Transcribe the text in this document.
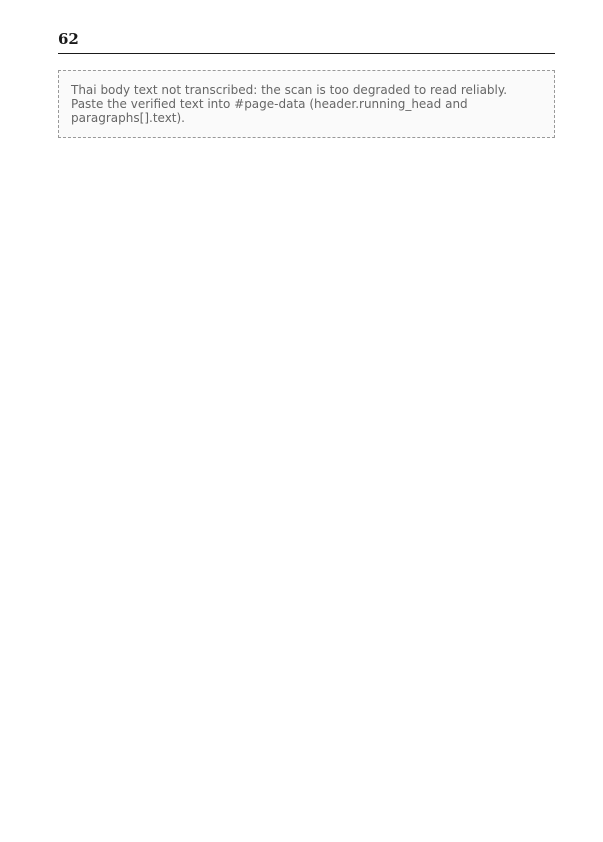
62
Thai body text not transcribed: the scan is too degraded to read reliably. Paste the verified text into #page-data (header.running_head and paragraphs[].text).
